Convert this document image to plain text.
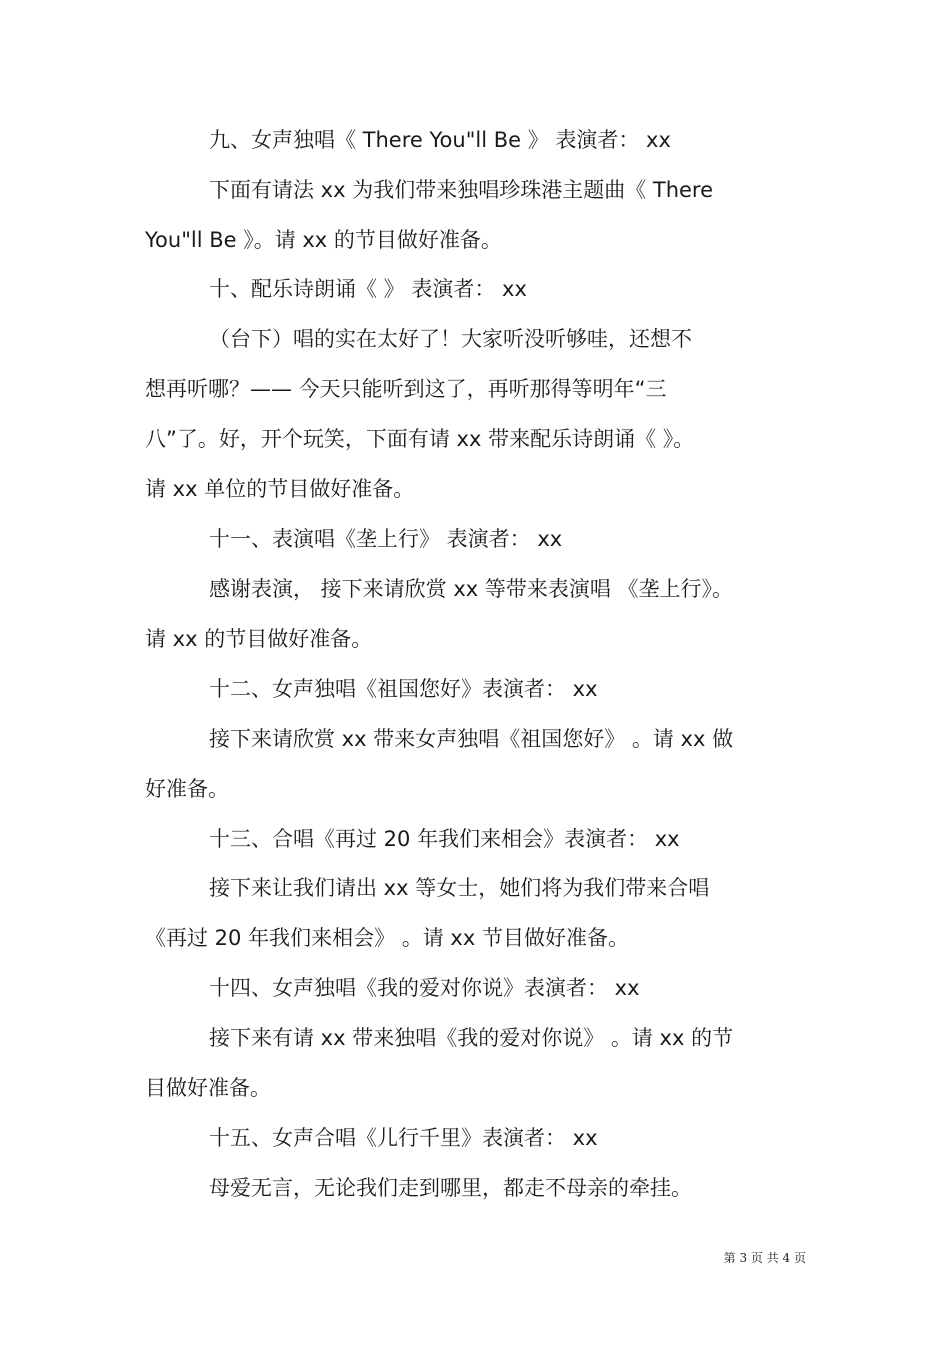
九、女声独唱《 There You"ll Be 》 表演者： xx
下面有请法 xx 为我们带来独唱珍珠港主题曲《 There
You"ll Be 》。请 xx 的节目做好准备。
十、配乐诗朗诵《 》 表演者： xx
（台下）唱的实在太好了！大家听没听够哇，还想不
想再听哪？—— 今天只能听到这了，再听那得等明年“三
八”了。好，开个玩笑，下面有请 xx 带来配乐诗朗诵《 》。
请 xx 单位的节目做好准备。
十一、表演唱《垄上行》 表演者： xx
感谢表演， 接下来请欣赏 xx 等带来表演唱 《垄上行》。
请 xx 的节目做好准备。
十二、女声独唱《祖国您好》表演者： xx
接下来请欣赏 xx 带来女声独唱《祖国您好》 。请 xx 做
好准备。
十三、合唱《再过 20 年我们来相会》表演者： xx
接下来让我们请出 xx 等女士，她们将为我们带来合唱
《再过 20 年我们来相会》 。请 xx 节目做好准备。
十四、女声独唱《我的爱对你说》表演者： xx
接下来有请 xx 带来独唱《我的爱对你说》 。请 xx 的节
目做好准备。
十五、女声合唱《儿行千里》表演者： xx
母爱无言，无论我们走到哪里，都走不母亲的牵挂。
第 3 页 共 4 页
